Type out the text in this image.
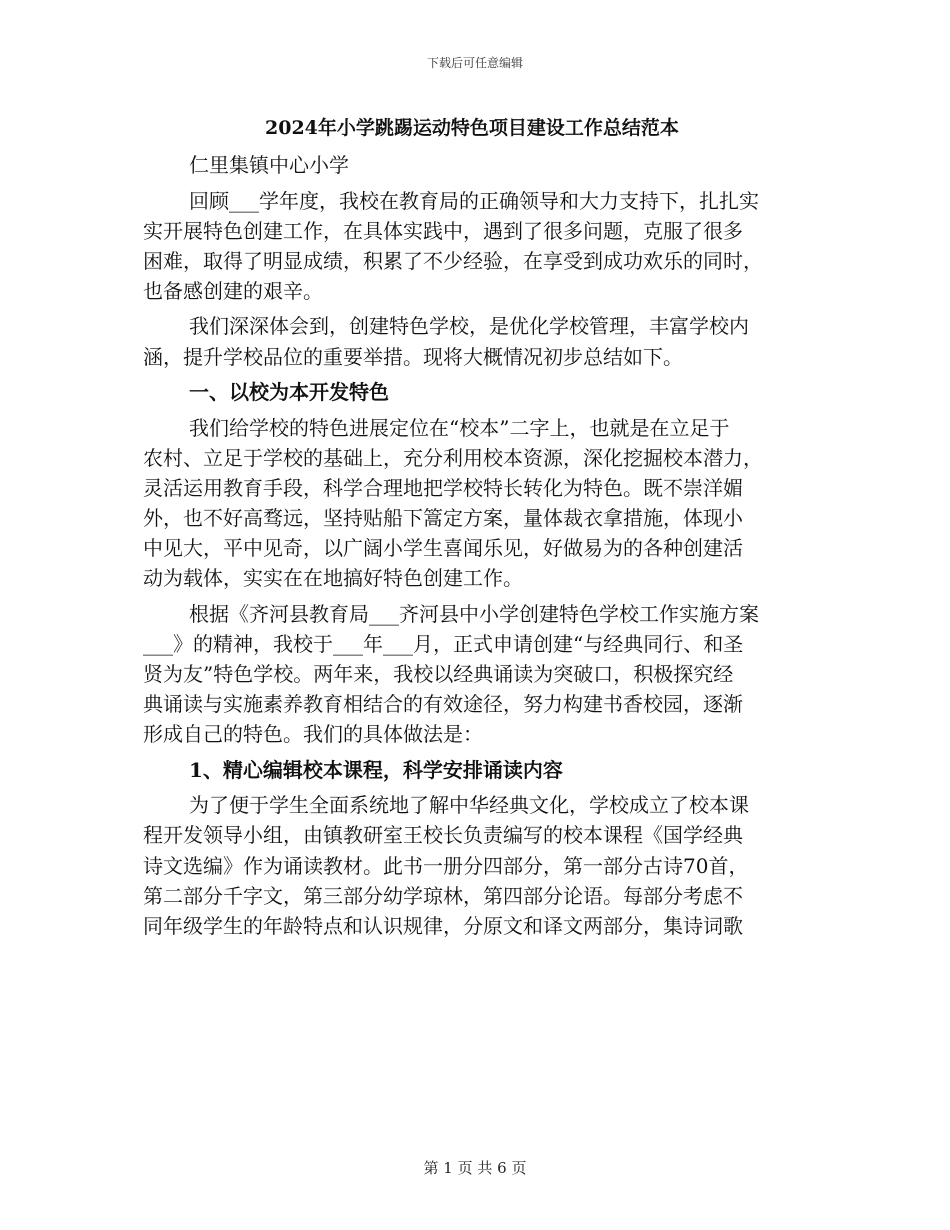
下载后可任意编辑
2024年小学跳踢运动特色项目建设工作总结范本
仁里集镇中心小学
回顾___学年度，我校在教育局的正确领导和大力支持下，扎扎实
实开展特色创建工作，在具体实践中，遇到了很多问题，克服了很多
困难，取得了明显成绩，积累了不少经验，在享受到成功欢乐的同时，
也备感创建的艰辛。
我们深深体会到，创建特色学校，是优化学校管理，丰富学校内
涵，提升学校品位的重要举措。现将大概情况初步总结如下。
一、以校为本开发特色
我们给学校的特色进展定位在“校本”二字上，也就是在立足于
农村、立足于学校的基础上，充分利用校本资源，深化挖掘校本潜力，
灵活运用教育手段，科学合理地把学校特长转化为特色。既不崇洋媚
外，也不好高骛远，坚持贴船下篙定方案，量体裁衣拿措施，体现小
中见大，平中见奇，以广阔小学生喜闻乐见，好做易为的各种创建活
动为载体，实实在在地搞好特色创建工作。
根据《齐河县教育局___齐河县中小学创建特色学校工作实施方案
___》的精神，我校于___年___月，正式申请创建“与经典同行、和圣
贤为友”特色学校。两年来，我校以经典诵读为突破口，积极探究经
典诵读与实施素养教育相结合的有效途径，努力构建书香校园，逐渐
形成自己的特色。我们的具体做法是：
1、精心编辑校本课程，科学安排诵读内容
为了便于学生全面系统地了解中华经典文化，学校成立了校本课
程开发领导小组，由镇教研室王校长负责编写的校本课程《国学经典
诗文选编》作为诵读教材。此书一册分四部分，第一部分古诗70首，
第二部分千字文，第三部分幼学琼林，第四部分论语。每部分考虑不
同年级学生的年龄特点和认识规律，分原文和译文两部分，集诗词歌
第 1 页 共 6 页
